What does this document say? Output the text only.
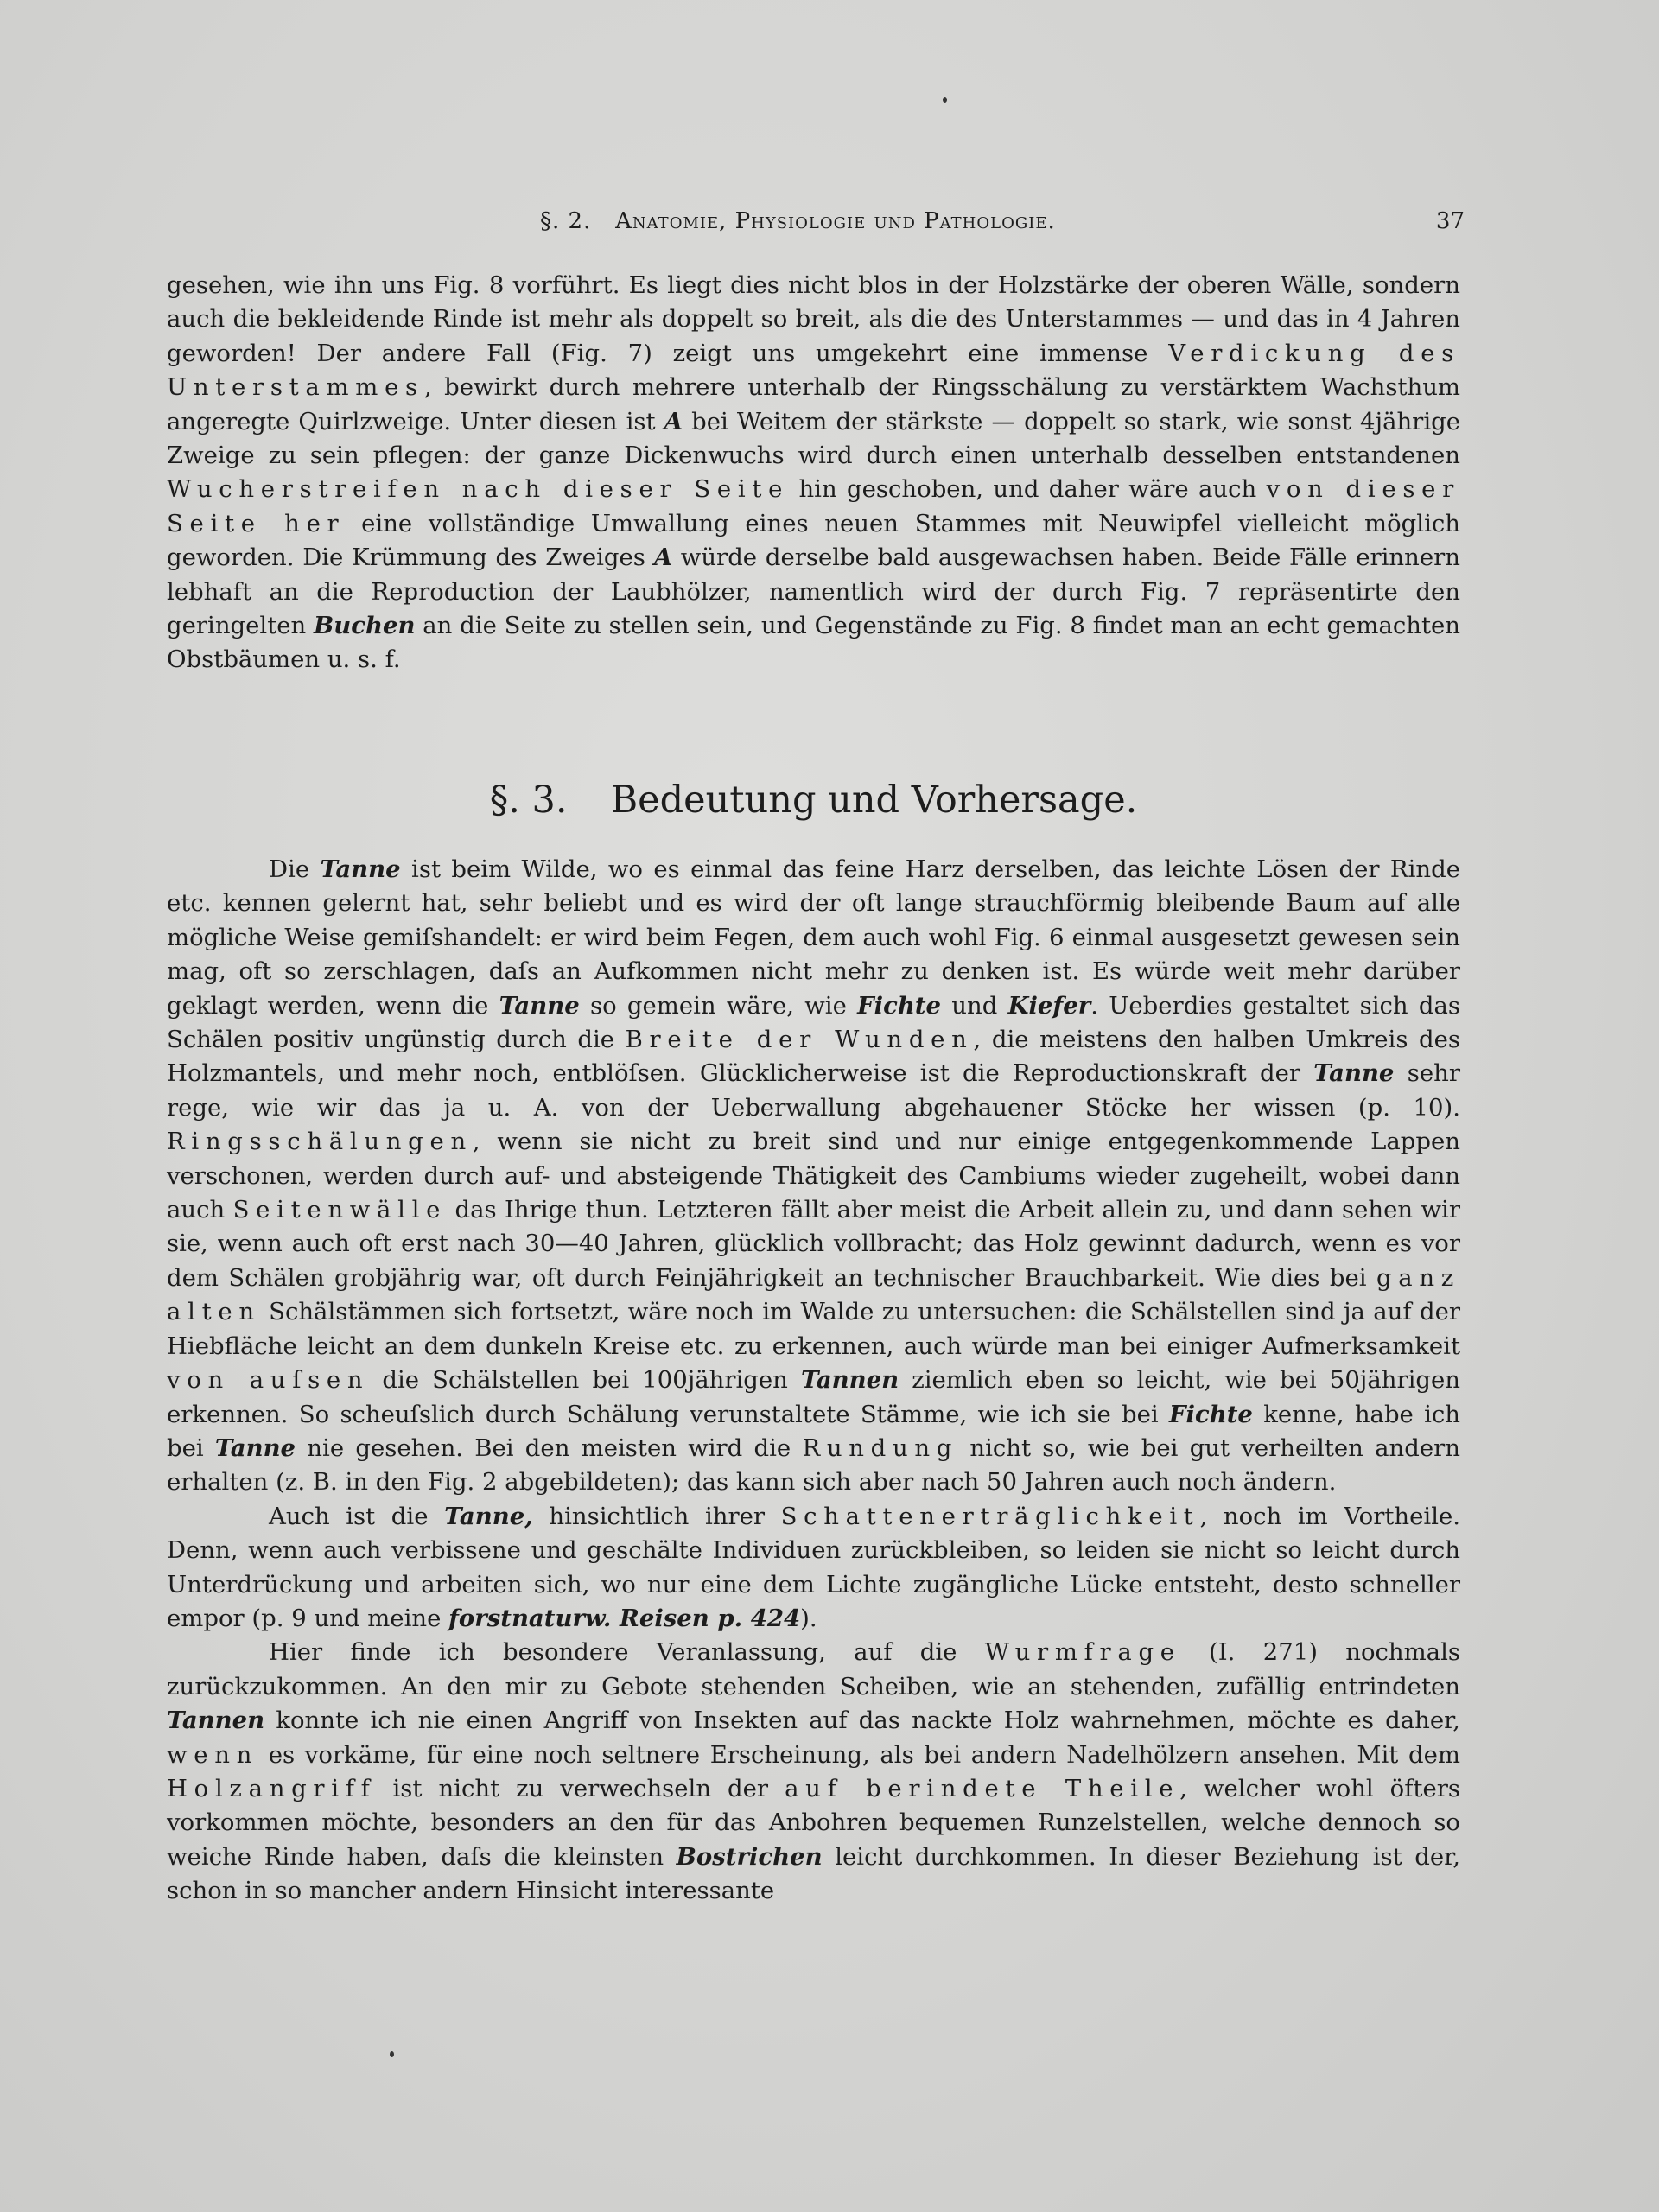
§. 2. Anatomie, Physiologie und Pathologie.	37

gesehen, wie ihn uns Fig. 8 vorführt. Es liegt dies nicht blos in der Holzstärke der oberen Wälle, sondern auch die bekleidende Rinde ist mehr als doppelt so breit, als die des Unterstammes — und das in 4 Jahren geworden! Der andere Fall (Fig. 7) zeigt uns umgekehrt eine immense Verdickung des Unterstammes, bewirkt durch mehrere unterhalb der Ringsschälung zu verstärktem Wachsthum angeregte Quirlzweige. Unter diesen ist A bei Weitem der stärkste — doppelt so stark, wie sonst 4jährige Zweige zu sein pflegen: der ganze Dickenwuchs wird durch einen unterhalb desselben entstandenen Wucherstreifen nach dieser Seite hin geschoben, und daher wäre auch von dieser Seite her eine vollständige Umwallung eines neuen Stammes mit Neuwipfel vielleicht möglich geworden. Die Krümmung des Zweiges A würde derselbe bald ausgewachsen haben. Beide Fälle erinnern lebhaft an die Reproduction der Laubhölzer, namentlich wird der durch Fig. 7 repräsentirte den geringelten Buchen an die Seite zu stellen sein, und Gegenstände zu Fig. 8 findet man an echt gemachten Obstbäumen u. s. f.

§. 3. Bedeutung und Vorhersage.

Die Tanne ist beim Wilde, wo es einmal das feine Harz derselben, das leichte Lösen der Rinde etc. kennen gelernt hat, sehr beliebt und es wird der oft lange strauchförmig bleibende Baum auf alle mögliche Weise gemiſshandelt: er wird beim Fegen, dem auch wohl Fig. 6 einmal ausgesetzt gewesen sein mag, oft so zerschlagen, daſs an Aufkommen nicht mehr zu denken ist. Es würde weit mehr darüber geklagt werden, wenn die Tanne so gemein wäre, wie Fichte und Kiefer. Ueberdies gestaltet sich das Schälen positiv ungünstig durch die Breite der Wunden, die meistens den halben Umkreis des Holzmantels, und mehr noch, entblöſsen. Glücklicherweise ist die Reproductionskraft der Tanne sehr rege, wie wir das ja u. A. von der Ueberwallung abgehauener Stöcke her wissen (p. 10). Ringsschälungen, wenn sie nicht zu breit sind und nur einige entgegenkommende Lappen verschonen, werden durch auf- und absteigende Thätigkeit des Cambiums wieder zugeheilt, wobei dann auch Seitenwälle das Ihrige thun. Letzteren fällt aber meist die Arbeit allein zu, und dann sehen wir sie, wenn auch oft erst nach 30—40 Jahren, glücklich vollbracht; das Holz gewinnt dadurch, wenn es vor dem Schälen grobjährig war, oft durch Feinjährigkeit an technischer Brauchbarkeit. Wie dies bei ganz alten Schälstämmen sich fortsetzt, wäre noch im Walde zu untersuchen: die Schälstellen sind ja auf der Hiebfläche leicht an dem dunkeln Kreise etc. zu erkennen, auch würde man bei einiger Aufmerksamkeit von auſsen die Schälstellen bei 100jährigen Tannen ziemlich eben so leicht, wie bei 50jährigen erkennen. So scheuſslich durch Schälung verunstaltete Stämme, wie ich sie bei Fichte kenne, habe ich bei Tanne nie gesehen. Bei den meisten wird die Rundung nicht so, wie bei gut verheilten andern erhalten (z. B. in den Fig. 2 abgebildeten); das kann sich aber nach 50 Jahren auch noch ändern.

Auch ist die Tanne, hinsichtlich ihrer Schattenerträglichkeit, noch im Vortheile. Denn, wenn auch verbissene und geschälte Individuen zurückbleiben, so leiden sie nicht so leicht durch Unterdrückung und arbeiten sich, wo nur eine dem Lichte zugängliche Lücke entsteht, desto schneller empor (p. 9 und meine forstnaturw. Reisen p. 424).

Hier finde ich besondere Veranlassung, auf die Wurmfrage (I. 271) nochmals zurückzukommen. An den mir zu Gebote stehenden Scheiben, wie an stehenden, zufällig entrindeten Tannen konnte ich nie einen Angriff von Insekten auf das nackte Holz wahrnehmen, möchte es daher, wenn es vorkäme, für eine noch seltnere Erscheinung, als bei andern Nadelhölzern ansehen. Mit dem Holzangriff ist nicht zu verwechseln der auf berindete Theile, welcher wohl öfters vorkommen möchte, besonders an den für das Anbohren bequemen Runzelstellen, welche dennoch so weiche Rinde haben, daſs die kleinsten Bostrichen leicht durchkommen. In dieser Beziehung ist der, schon in so mancher andern Hinsicht interessante
